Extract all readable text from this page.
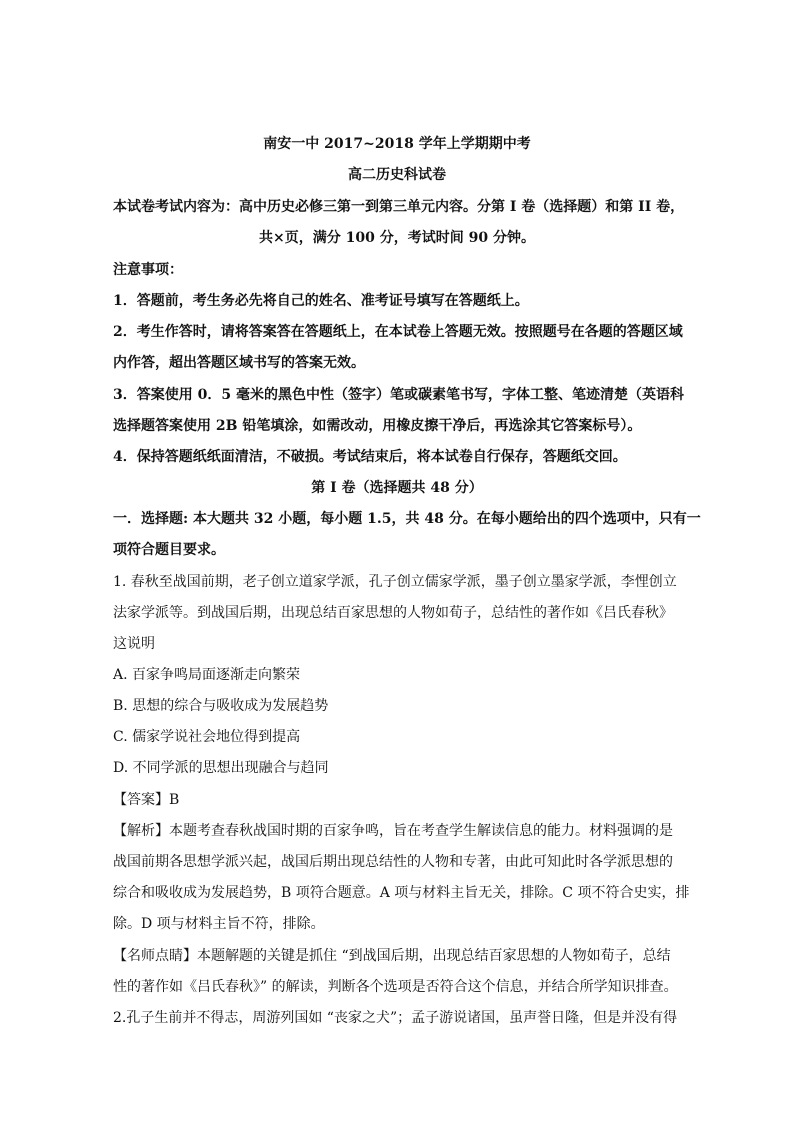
南安一中 2017~2018 学年上学期期中考
高二历史科试卷
本试卷考试内容为：高中历史必修三第一到第三单元内容。分第 I 卷（选择题）和第 II 卷，
共×页，满分 100 分，考试时间 90 分钟。
注意事项：
1．答题前，考生务必先将自己的姓名、准考证号填写在答题纸上。
2．考生作答时，请将答案答在答题纸上，在本试卷上答题无效。按照题号在各题的答题区域
内作答，超出答题区域书写的答案无效。
3．答案使用 0．5 毫米的黑色中性（签字）笔或碳素笔书写，字体工整、笔迹清楚（英语科
选择题答案使用 2B 铅笔填涂，如需改动，用橡皮擦干净后，再选涂其它答案标号）。
4．保持答题纸纸面清洁，不破损。考试结束后，将本试卷自行保存，答题纸交回。
第 I 卷（选择题共 48 分）
一．选择题: 本大题共 32 小题，每小题 1.5，共 48 分。在每小题给出的四个选项中，只有一
项符合题目要求。
1. 春秋至战国前期，老子创立道家学派，孔子创立儒家学派，墨子创立墨家学派，李悝创立
法家学派等。到战国后期，出现总结百家思想的人物如荀子，总结性的著作如《吕氏春秋》
这说明
A. 百家争鸣局面逐渐走向繁荣
B. 思想的综合与吸收成为发展趋势
C. 儒家学说社会地位得到提高
D. 不同学派的思想出现融合与趋同
【答案】B
【解析】本题考查春秋战国时期的百家争鸣，旨在考查学生解读信息的能力。材料强调的是
战国前期各思想学派兴起，战国后期出现总结性的人物和专著，由此可知此时各学派思想的
综合和吸收成为发展趋势，B 项符合题意。A 项与材料主旨无关，排除。C 项不符合史实，排
除。D 项与材料主旨不符，排除。
【名师点睛】本题解题的关键是抓住 “到战国后期，出现总结百家思想的人物如荀子，总结
性的著作如《吕氏春秋》” 的解读，判断各个选项是否符合这个信息，并结合所学知识排查。
2.孔子生前并不得志，周游列国如 “丧家之犬”；孟子游说诸国，虽声誉日隆，但是并没有得
